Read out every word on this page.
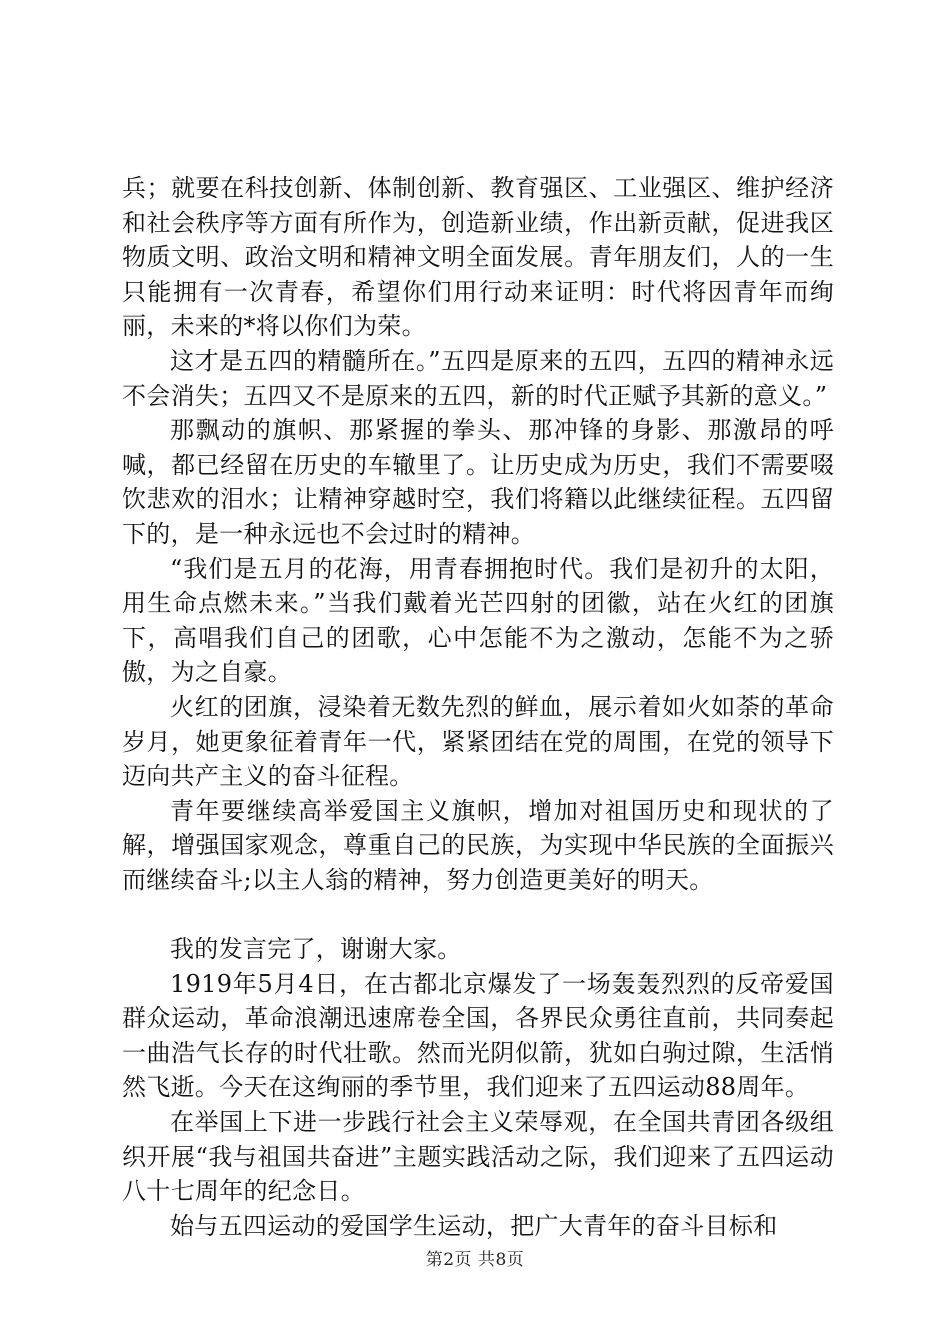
兵；就要在科技创新、体制创新、教育强区、工业强区、维护经济和社会秩序等方面有所作为，创造新业绩，作出新贡献，促进我区物质文明、政治文明和精神文明全面发展。青年朋友们，人的一生只能拥有一次青春，希望你们用行动来证明：时代将因青年而绚丽，未来的*将以你们为荣。

这才是五四的精髓所在。”五四是原来的五四，五四的精神永远不会消失；五四又不是原来的五四，新的时代正赋予其新的意义。”

那飘动的旗帜、那紧握的拳头、那冲锋的身影、那激昂的呼喊，都已经留在历史的车辙里了。让历史成为历史，我们不需要啜饮悲欢的泪水；让精神穿越时空，我们将籍以此继续征程。五四留下的，是一种永远也不会过时的精神。

“我们是五月的花海，用青春拥抱时代。我们是初升的太阳，用生命点燃未来。”当我们戴着光芒四射的团徽，站在火红的团旗下，高唱我们自己的团歌，心中怎能不为之激动，怎能不为之骄傲，为之自豪。

火红的团旗，浸染着无数先烈的鲜血，展示着如火如荼的革命岁月，她更象征着青年一代，紧紧团结在党的周围，在党的领导下迈向共产主义的奋斗征程。

青年要继续高举爱国主义旗帜，增加对祖国历史和现状的了解，增强国家观念，尊重自己的民族，为实现中华民族的全面振兴而继续奋斗;以主人翁的精神，努力创造更美好的明天。

我的发言完了，谢谢大家。

1919年5月4日，在古都北京爆发了一场轰轰烈烈的反帝爱国群众运动，革命浪潮迅速席卷全国，各界民众勇往直前，共同奏起一曲浩气长存的时代壮歌。然而光阴似箭，犹如白驹过隙，生活悄然飞逝。今天在这绚丽的季节里，我们迎来了五四运动88周年。

在举国上下进一步践行社会主义荣辱观，在全国共青团各级组织开展“我与祖国共奋进”主题实践活动之际，我们迎来了五四运动八十七周年的纪念日。

始与五四运动的爱国学生运动，把广大青年的奋斗目标和

第2页 共8页
